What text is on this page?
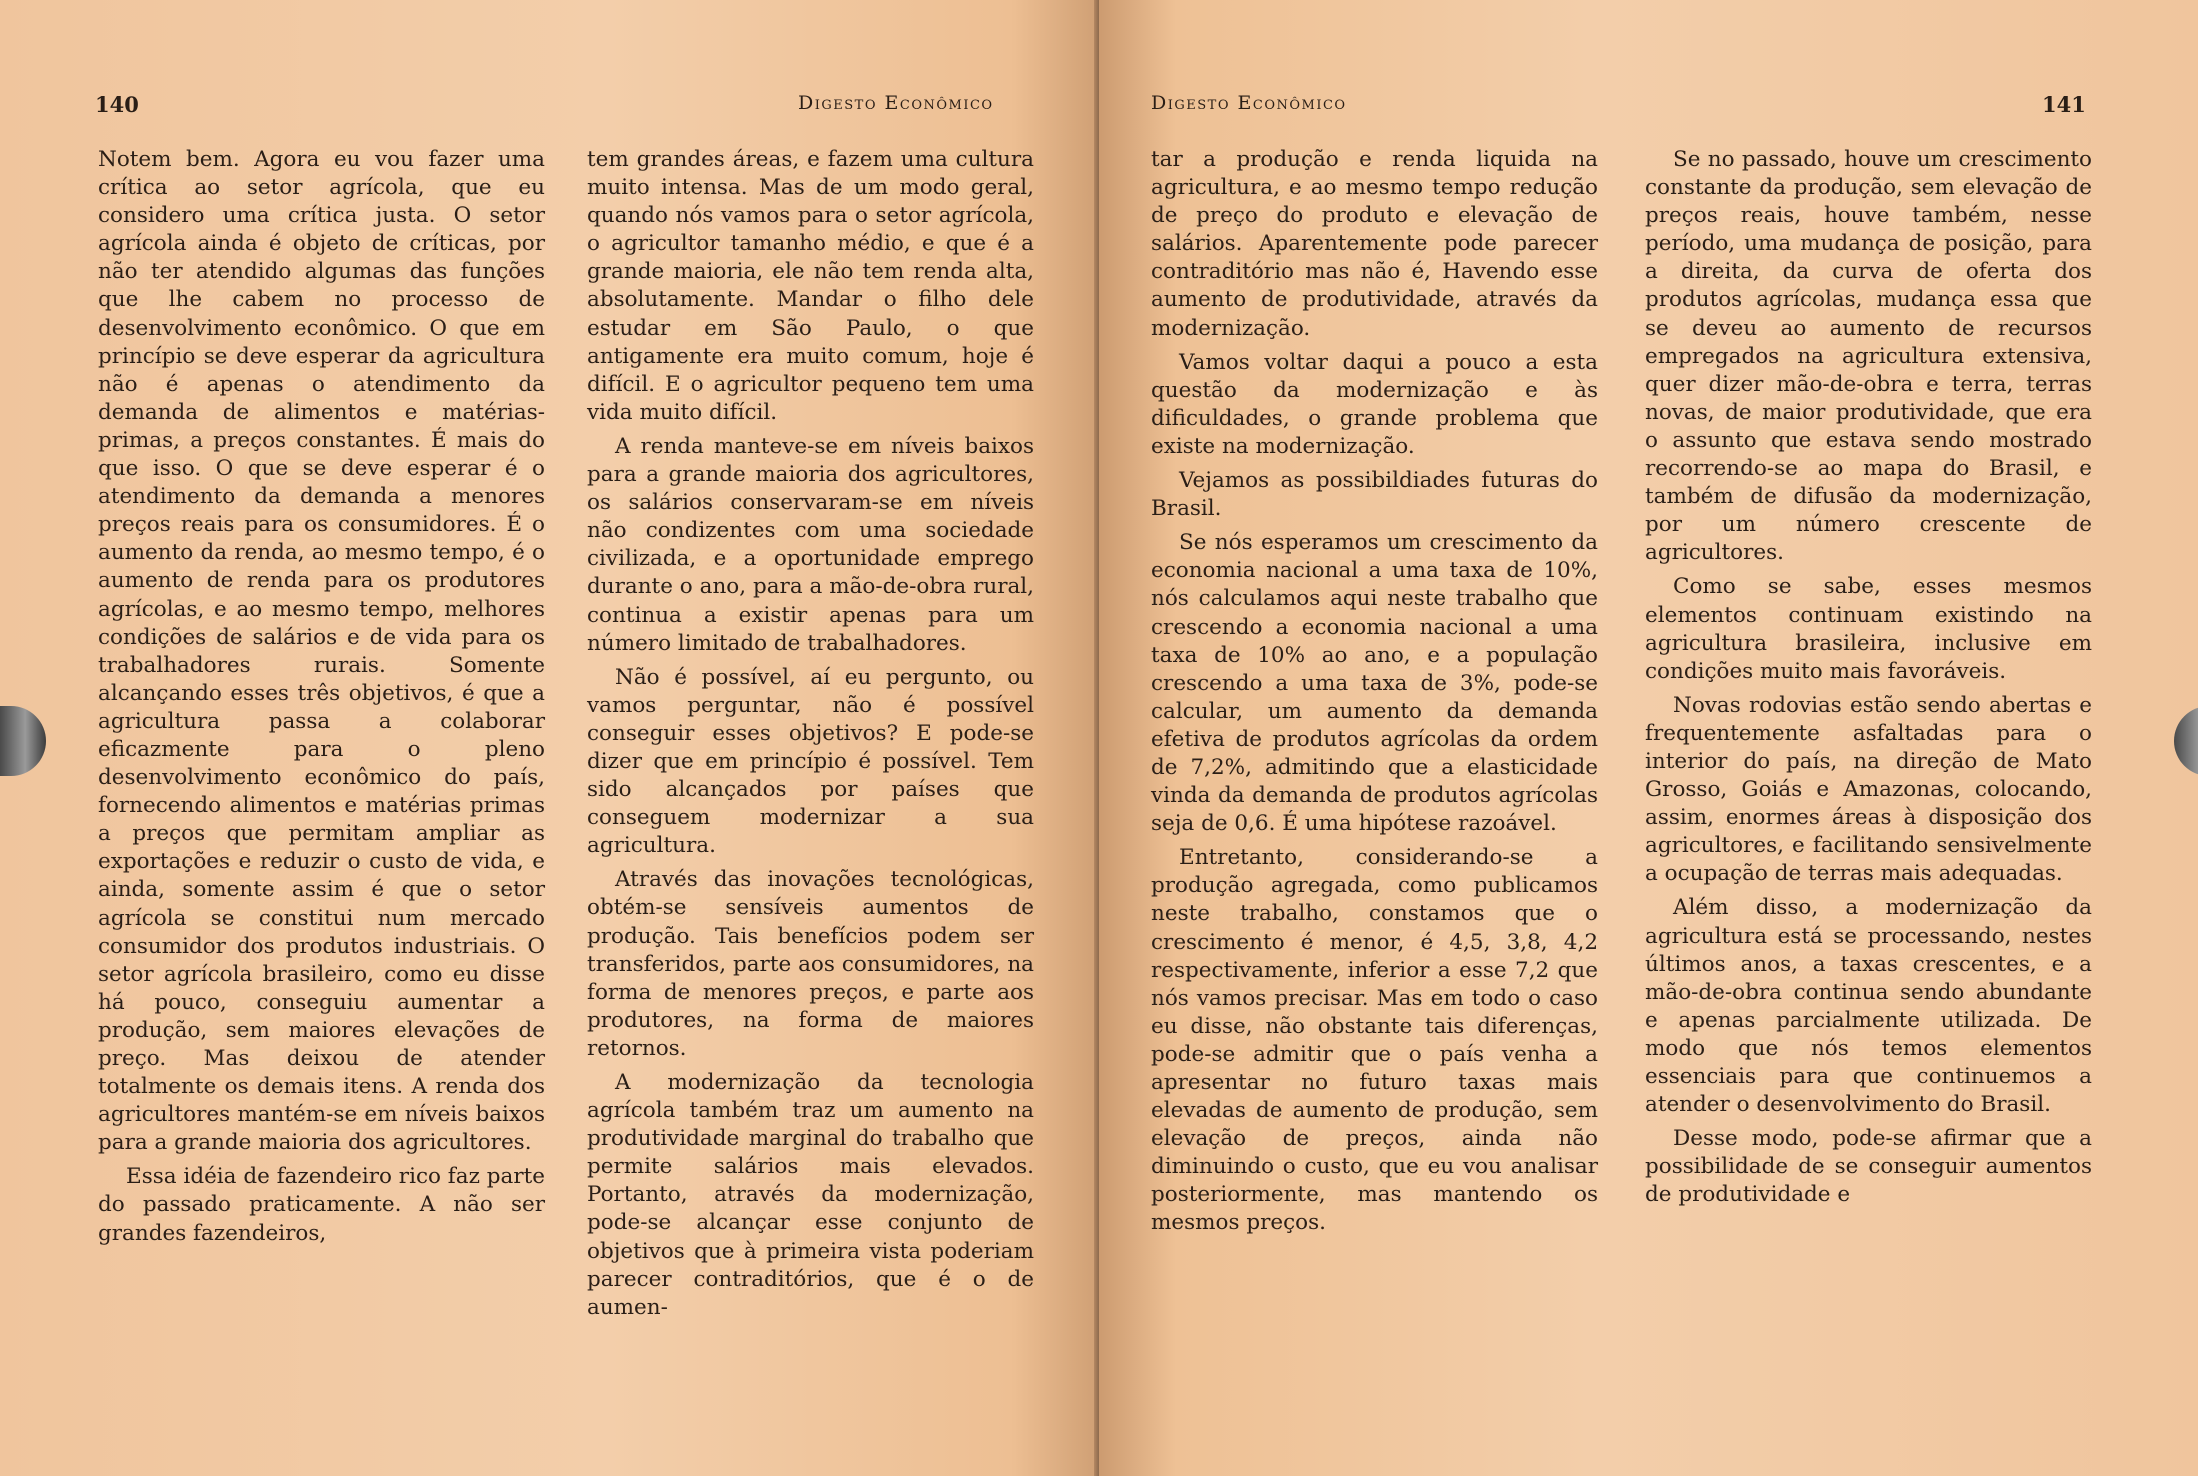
140	Digesto Econômico

Notem bem. Agora eu vou fazer uma crítica ao setor agrícola, que eu considero uma crítica justa. O setor agrícola ainda é objeto de críticas, por não ter atendido algumas das funções que lhe cabem no processo de desenvolvimento econômico. O que em princípio se deve esperar da agricultura não é apenas o atendimento da demanda de alimentos e matérias-primas, a preços constantes. É mais do que isso. O que se deve esperar é o atendimento da demanda a menores preços reais para os consumidores. É o aumento da renda, ao mesmo tempo, é o aumento de renda para os produtores agrícolas, e ao mesmo tempo, melhores condições de salários e de vida para os trabalhadores rurais. Somente alcançando esses três objetivos, é que a agricultura passa a colaborar eficazmente para o pleno desenvolvimento econômico do país, fornecendo alimentos e matérias primas a preços que permitam ampliar as exportações e reduzir o custo de vida, e ainda, somente assim é que o setor agrícola se constitui num mercado consumidor dos produtos industriais. O setor agrícola brasileiro, como eu disse há pouco, conseguiu aumentar a produção, sem maiores elevações de preço. Mas deixou de atender totalmente os demais itens. A renda dos agricultores mantém-se em níveis baixos para a grande maioria dos agricultores.

Essa idéia de fazendeiro rico faz parte do passado praticamente. A não ser grandes fazendeiros,

tem grandes áreas, e fazem uma cultura muito intensa. Mas de um modo geral, quando nós vamos para o setor agrícola, o agricultor tamanho médio, e que é a grande maioria, ele não tem renda alta, absolutamente. Mandar o filho dele estudar em São Paulo, o que antigamente era muito comum, hoje é difícil. E o agricultor pequeno tem uma vida muito difícil.

A renda manteve-se em níveis baixos para a grande maioria dos agricultores, os salários conservaram-se em níveis não condizentes com uma sociedade civilizada, e a oportunidade emprego durante o ano, para a mão-de-obra rural, continua a existir apenas para um número limitado de trabalhadores.

Não é possível, aí eu pergunto, ou vamos perguntar, não é possível conseguir esses objetivos? E pode-se dizer que em princípio é possível. Tem sido alcançados por países que conseguem modernizar a sua agricultura.

Através das inovações tecnológicas, obtém-se sensíveis aumentos de produção. Tais benefícios podem ser transferidos, parte aos consumidores, na forma de menores preços, e parte aos produtores, na forma de maiores retornos.

A modernização da tecnologia agrícola também traz um aumento na produtividade marginal do trabalho que permite salários mais elevados. Portanto, através da modernização, pode-se alcançar esse conjunto de objetivos que à primeira vista poderiam parecer contraditórios, que é o de aumen-

Digesto Econômico	141

tar a produção e renda liquida na agricultura, e ao mesmo tempo redução de preço do produto e elevação de salários. Aparentemente pode parecer contraditório mas não é, Havendo esse aumento de produtividade, através da modernização.

Vamos voltar daqui a pouco a esta questão da modernização e às dificuldades, o grande problema que existe na modernização.

Vejamos as possibildiades futuras do Brasil.

Se nós esperamos um crescimento da economia nacional a uma taxa de 10%, nós calculamos aqui neste trabalho que crescendo a economia nacional a uma taxa de 10% ao ano, e a população crescendo a uma taxa de 3%, pode-se calcular, um aumento da demanda efetiva de produtos agrícolas da ordem de 7,2%, admitindo que a elasticidade vinda da demanda de produtos agrícolas seja de 0,6. É uma hipótese razoável.

Entretanto, considerando-se a produção agregada, como publicamos neste trabalho, constamos que o crescimento é menor, é 4,5, 3,8, 4,2 respectivamente, inferior a esse 7,2 que nós vamos precisar. Mas em todo o caso eu disse, não obstante tais diferenças, pode-se admitir que o país venha a apresentar no futuro taxas mais elevadas de aumento de produção, sem elevação de preços, ainda não diminuindo o custo, que eu vou analisar posteriormente, mas mantendo os mesmos preços.

Se no passado, houve um crescimento constante da produção, sem elevação de preços reais, houve também, nesse período, uma mudança de posição, para a direita, da curva de oferta dos produtos agrícolas, mudança essa que se deveu ao aumento de recursos empregados na agricultura extensiva, quer dizer mão-de-obra e terra, terras novas, de maior produtividade, que era o assunto que estava sendo mostrado recorrendo-se ao mapa do Brasil, e também de difusão da modernização, por um número crescente de agricultores.

Como se sabe, esses mesmos elementos continuam existindo na agricultura brasileira, inclusive em condições muito mais favoráveis.

Novas rodovias estão sendo abertas e frequentemente asfaltadas para o interior do país, na direção de Mato Grosso, Goiás e Amazonas, colocando, assim, enormes áreas à disposição dos agricultores, e facilitando sensivelmente a ocupação de terras mais adequadas.

Além disso, a modernização da agricultura está se processando, nestes últimos anos, a taxas crescentes, e a mão-de-obra continua sendo abundante e apenas parcialmente utilizada. De modo que nós temos elementos essenciais para que continuemos a atender o desenvolvimento do Brasil.

Desse modo, pode-se afirmar que a possibilidade de se conseguir aumentos de produtividade e
